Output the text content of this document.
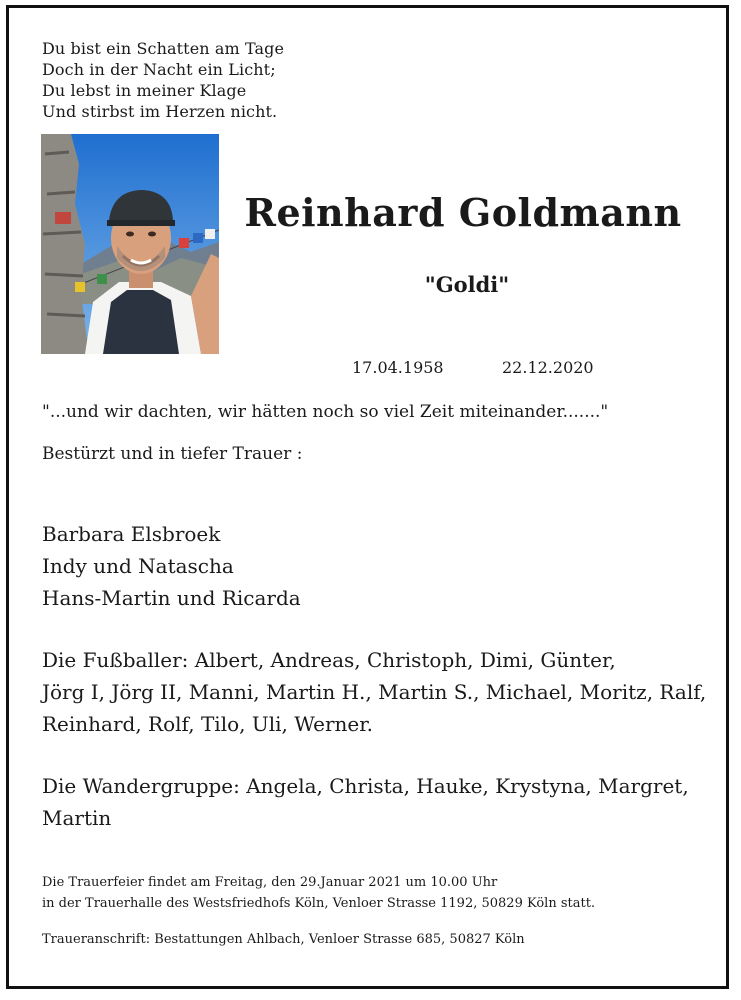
Du bist ein Schatten am Tage
Doch in der Nacht ein Licht;
Du lebst in meiner Klage
Und stirbst im Herzen nicht.
Reinhard Goldmann
"Goldi"
17.04.1958	22.12.2020
"...und wir dachten, wir hätten noch so viel Zeit miteinander......."
Bestürzt und in tiefer Trauer :
Barbara Elsbroek
Indy und Natascha
Hans-Martin und Ricarda
Die Fußballer: Albert, Andreas, Christoph, Dimi, Günter,
Jörg I, Jörg II, Manni, Martin H., Martin S., Michael, Moritz, Ralf,
Reinhard, Rolf, Tilo, Uli, Werner.
Die Wandergruppe: Angela, Christa, Hauke, Krystyna, Margret,
Martin
Die Trauerfeier findet am Freitag, den 29.Januar 2021 um 10.00 Uhr
in der Trauerhalle des Westsfriedhofs Köln, Venloer Strasse 1192, 50829 Köln statt.
Traueranschrift: Bestattungen Ahlbach, Venloer Strasse 685, 50827 Köln
